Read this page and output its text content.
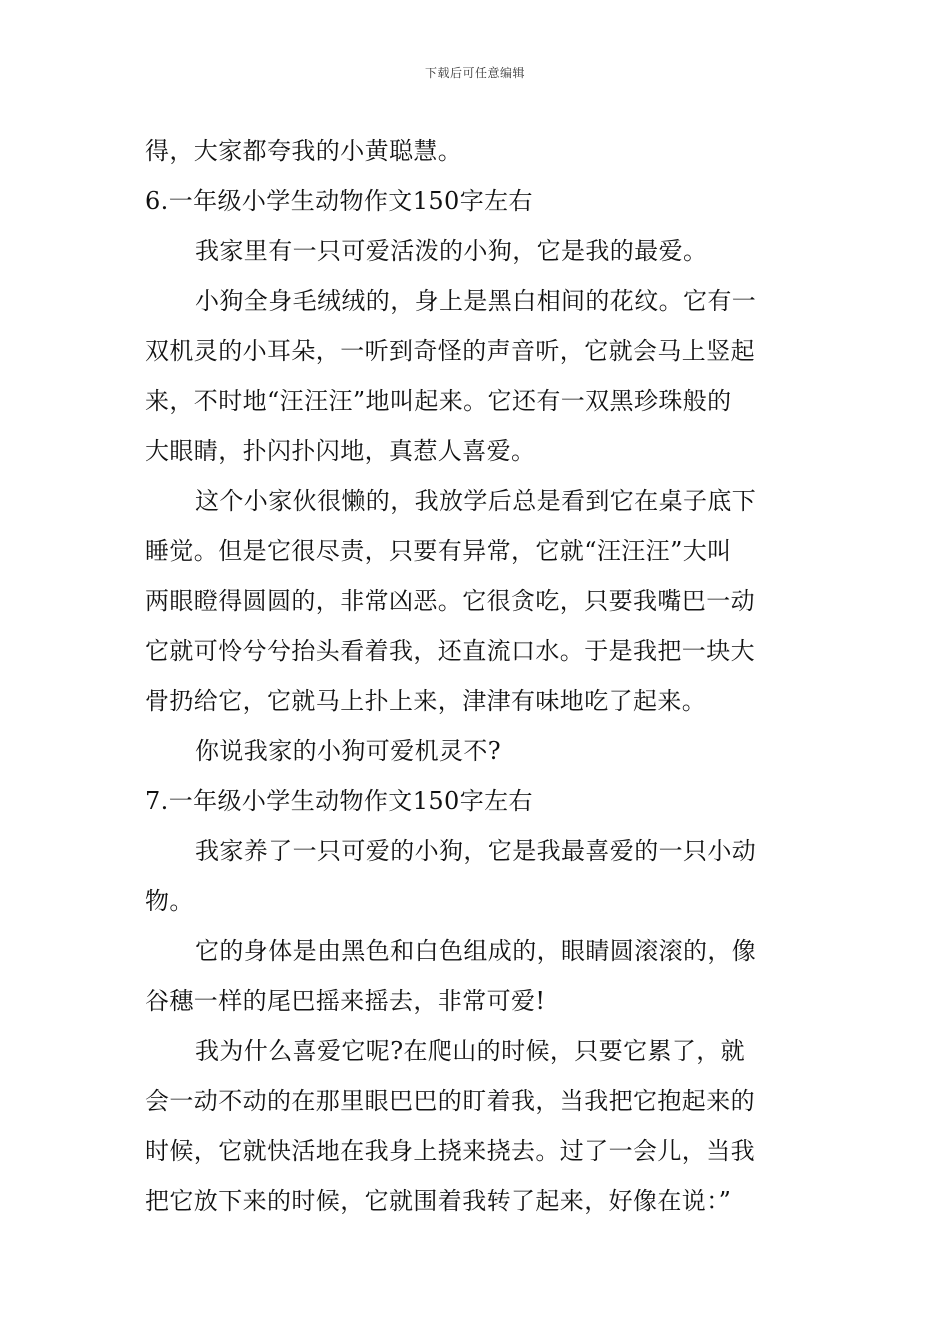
下载后可任意编辑
得，大家都夸我的小黄聪慧。
6.一年级小学生动物作文150字左右
我家里有一只可爱活泼的小狗，它是我的最爱。
小狗全身毛绒绒的，身上是黑白相间的花纹。它有一
双机灵的小耳朵，一听到奇怪的声音听，它就会马上竖起
来，不时地“汪汪汪”地叫起来。它还有一双黑珍珠般的
大眼睛，扑闪扑闪地，真惹人喜爱。
这个小家伙很懒的，我放学后总是看到它在桌子底下
睡觉。但是它很尽责，只要有异常，它就“汪汪汪”大叫
两眼瞪得圆圆的，非常凶恶。它很贪吃，只要我嘴巴一动
它就可怜兮兮抬头看着我，还直流口水。于是我把一块大
骨扔给它，它就马上扑上来，津津有味地吃了起来。
你说我家的小狗可爱机灵不?
7.一年级小学生动物作文150字左右
我家养了一只可爱的小狗，它是我最喜爱的一只小动
物。
它的身体是由黑色和白色组成的，眼睛圆滚滚的，像
谷穗一样的尾巴摇来摇去，非常可爱!
我为什么喜爱它呢?在爬山的时候，只要它累了，就
会一动不动的在那里眼巴巴的盯着我，当我把它抱起来的
时候，它就快活地在我身上挠来挠去。过了一会儿，当我
把它放下来的时候，它就围着我转了起来，好像在说：”
